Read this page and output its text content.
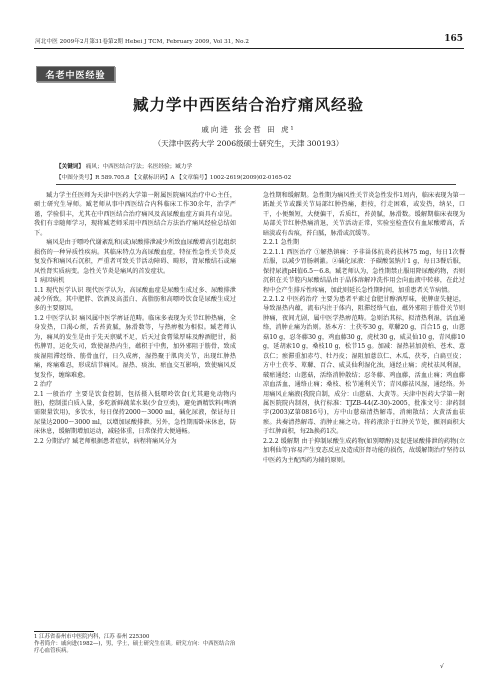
河北中医 2009年2月第31卷第2期 Hebei J TCM, February 2009, Vol 31, No.2	165
名老中医经验
臧力学中西医结合治疗痛风经验
戚向进 张会哲 田 虎¹
（天津中医药大学 2006级硕士研究生，天津 300193）
【关键词】 痛风；中西医结合疗法；名医经验；臧力学
【中图分类号】R 589.705.8 【文献标识码】A 【文章编号】1002-2619(2009)02-0165-02

臧力学主任医师为天津中医药大学第一附属医院痛风治疗中心主任，硕士研究生导师。臧老师从事中西医结合内科临床工作30余年，治学严谨，学验俱丰，尤其在中西医结合治疗痛风及高尿酸血症方面具有卓见。我们有幸随师学习，现将臧老师采用中西医结合方法治疗痛风经验总结如下。

痛风是由于嘌呤代谢紊乱和(或)尿酸排泄减少所致血尿酸增高引起组织损伤的一种异质性疾病。其临床特点为高尿酸血症，特征性急性关节炎反复发作和痛风石沉积，严重者可致关节活动障碍、畸形，肾尿酸结石或痛风性肾实质病变。急性关节炎是痛风的首发症状。

1 病因病机

1.1 现代医学认识 现代医学认为，高尿酸血症是尿酸生成过多、尿酸排泄减少所致。其中肥胖、饮酒及高蛋白、高脂肪和高嘌呤饮食是尿酸生成过多的主要原因。

1.2 中医学认识 痛风属中医学痹证范畴。临床多表现为关节红肿热痛，全身发热，口渴心烦，舌苔黄腻，脉滑数等，与热痹极为相似。臧老师认为，痛风的发生是由于先天禀赋不足，后天过食膏粱厚味及醇酒肥甘，损伤脾胃，运化失司，致使湿热内生，蕴积于中焦，加外邪阻于筋骨，致成痰湿阻滞经络、筋骨血行，日久成痹，湿热聚于肌肉关节，出现红肿热痛，疼痛难忍，形成结节痛风。湿热、痰浊、瘀血交互影响，致使痛风反复发作，缠绵难愈。

2 治疗

2.1 一般治疗 主要是饮食控制，包括摄入低嘌呤饮食(尤其避免动物内脏)，控制蛋白质入量，多吃新鲜蔬菜水果(少食豆类)，避免酒精饮料(啤酒需限量饮用)，多饮水，每日保持2000～3000 ml，碱化尿液，保证每日尿量达2000～3000 ml，以增加尿酸排泄。另外，急性期需卧床休息，防床休息，缓解期增加运动，减轻体重，日常保持大便通畅。

2.2 分期治疗 臧老师根据患者症状，病程将痛风分为

急性期和缓解期。急性期为痛风性关节炎急性发作1周内，临床表现为第一跖趾关节或踝关节局部红肿热痛，拒按，行走困难，或发热，纳呆，口干，小便频短，大便偏干，舌质红，苔黄腻，脉滑数。缓解期临床表现为局部关节红肿热痛消退，关节活动正常，实验室检查仅有血尿酸增高，舌暗淡或有齿痕，苔白腻，脉滑或沉缓等。

2.2.1 急性期

2.2.1.1 西医治疗 ①解热镇痛：予非甾体抗炎药扶林75 mg，每日1次餐后服，以减少胃肠刺激。②碱化尿液：予碳酸氢钠片1 g，每日3餐后服，保持尿液pH值6.5～6.8。臧老师认为，急性期禁止服用降尿酸药物，否则沉积在关节腔内尿酸结晶由于晶体溶解冲洗作用会向血液中转移，在此过程中会产生排斥性疼痛，加此则延长急性期时间，加重患者关节病情。

2.2.1.2 中医药治疗 主要为患者平素过食肥甘醇酒厚味，使脾虚失健运，导致湿热内蕴，流布内注于体内，阻滞经络气血，蕴外邪阻于筋骨关节则肿痛，夜间尤剧，属中医学热痹范畴。急则治其标，拟清热利湿，活血通络，消肿止痛为治则。基本方：土茯苓30 g，萆薢20 g，百合15 g，山慈菇10 g，忍冬藤30 g，鸡血藤30 g，虎杖30 g，威灵仙10 g，青风藤10 g，延胡索10 g，桑枝10 g，松节15 g。加减：湿热甚加黄柏、苍术、薏苡仁；瘀滞重加赤芍、牡丹皮；湿阻加薏苡仁、木瓜、茯苓，白扁豆皮；方中土茯苓、萆薢、百合、威灵仙利湿化浊，通经止痛；虎杖祛风利湿，破瘀通经；山慈菇，活络消肿散结；忍冬藤、鸡血藤，活血止痛；鸡血藤凉血活血，通络止痛；桑枝、松节通利关节；青风藤祛风湿，通经络。外用痛风止痛液(我院自制，成分：山慈菇、大黄等。天津中医药大学第一附属医院院内制剂，执行标准：TJZB-44(Z-30)-2005，批准文号：津药制字(2003)Z第0816号)，方中山慈菇清热解毒，消痈散结；大黄活血祛瘀。共奏清热解毒、消肿止痛之功。将药液涂于红肿关节处，掘剂面积大于红肿面积，每2h换药1次。

2.2.2 缓解期 由于抑制尿酸生成药物(如别嘌醇)及促进尿酸排泄的药物(立加利仙等)容易产生变态反应及造成肝肾功能的损伤，故缓解期治疗坚持以中医药为主配西药为辅的原则。

1 江苏省泰州市中医院内科，江苏 泰州 225300
作者简介：戚向进(1982—)，男，学士，硕士研究生在读。研究方向：中西医结合治疗心血管疾病。
√
